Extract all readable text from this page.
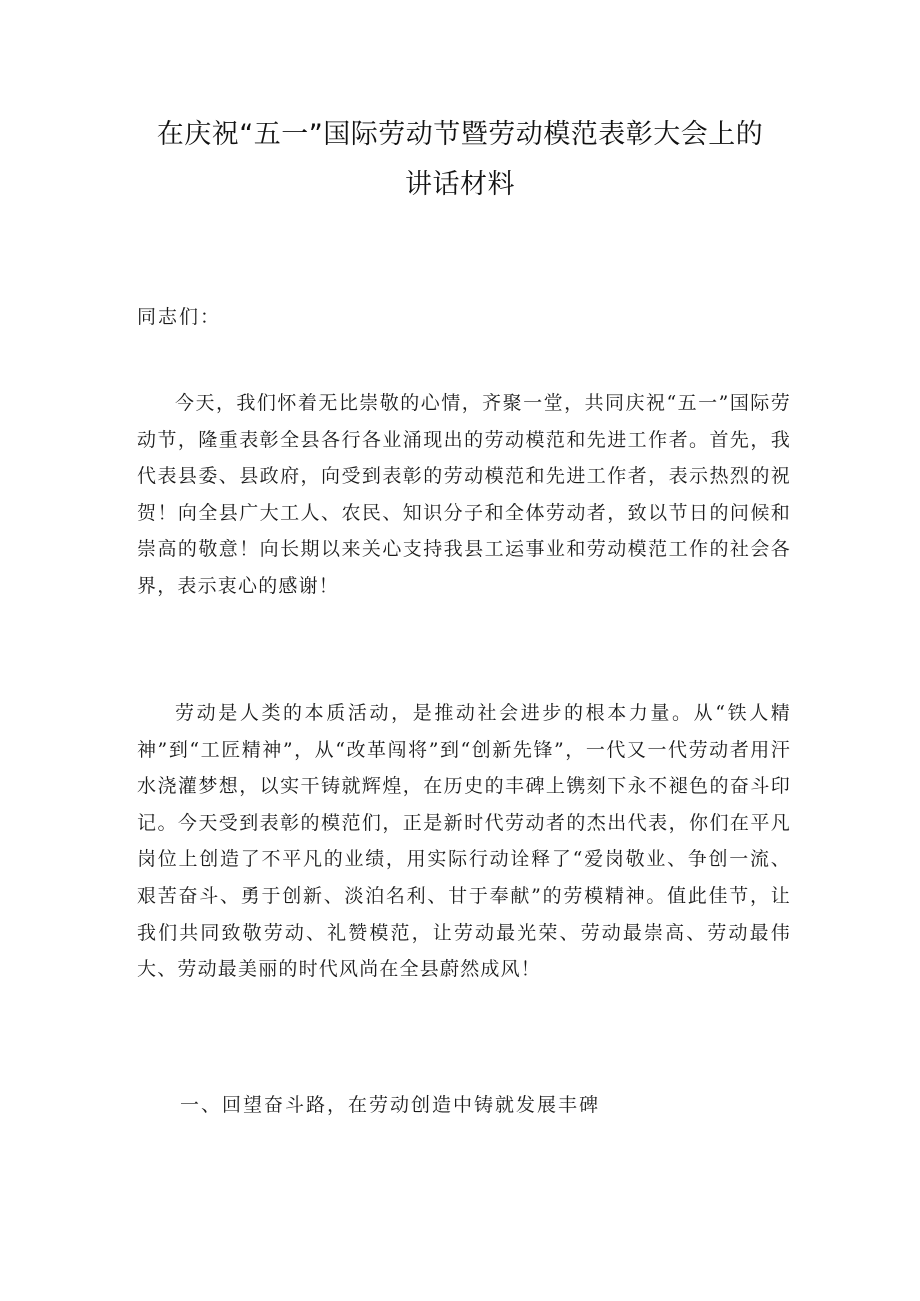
在庆祝“五一”国际劳动节暨劳动模范表彰大会上的
讲话材料
同志们：

今天，我们怀着无比崇敬的心情，齐聚一堂，共同庆祝“五一”国际劳动节，隆重表彰全县各行各业涌现出的劳动模范和先进工作者。首先，我代表县委、县政府，向受到表彰的劳动模范和先进工作者，表示热烈的祝贺！向全县广大工人、农民、知识分子和全体劳动者，致以节日的问候和崇高的敬意！向长期以来关心支持我县工运事业和劳动模范工作的社会各界，表示衷心的感谢！

劳动是人类的本质活动，是推动社会进步的根本力量。从“铁人精神”到“工匠精神”，从“改革闯将”到“创新先锋”，一代又一代劳动者用汗水浇灌梦想，以实干铸就辉煌，在历史的丰碑上镌刻下永不褪色的奋斗印记。今天受到表彰的模范们，正是新时代劳动者的杰出代表，你们在平凡岗位上创造了不平凡的业绩，用实际行动诠释了“爱岗敬业、争创一流、艰苦奋斗、勇于创新、淡泊名利、甘于奉献”的劳模精神。值此佳节，让我们共同致敬劳动、礼赞模范，让劳动最光荣、劳动最崇高、劳动最伟大、劳动最美丽的时代风尚在全县蔚然成风！

一、回望奋斗路，在劳动创造中铸就发展丰碑
